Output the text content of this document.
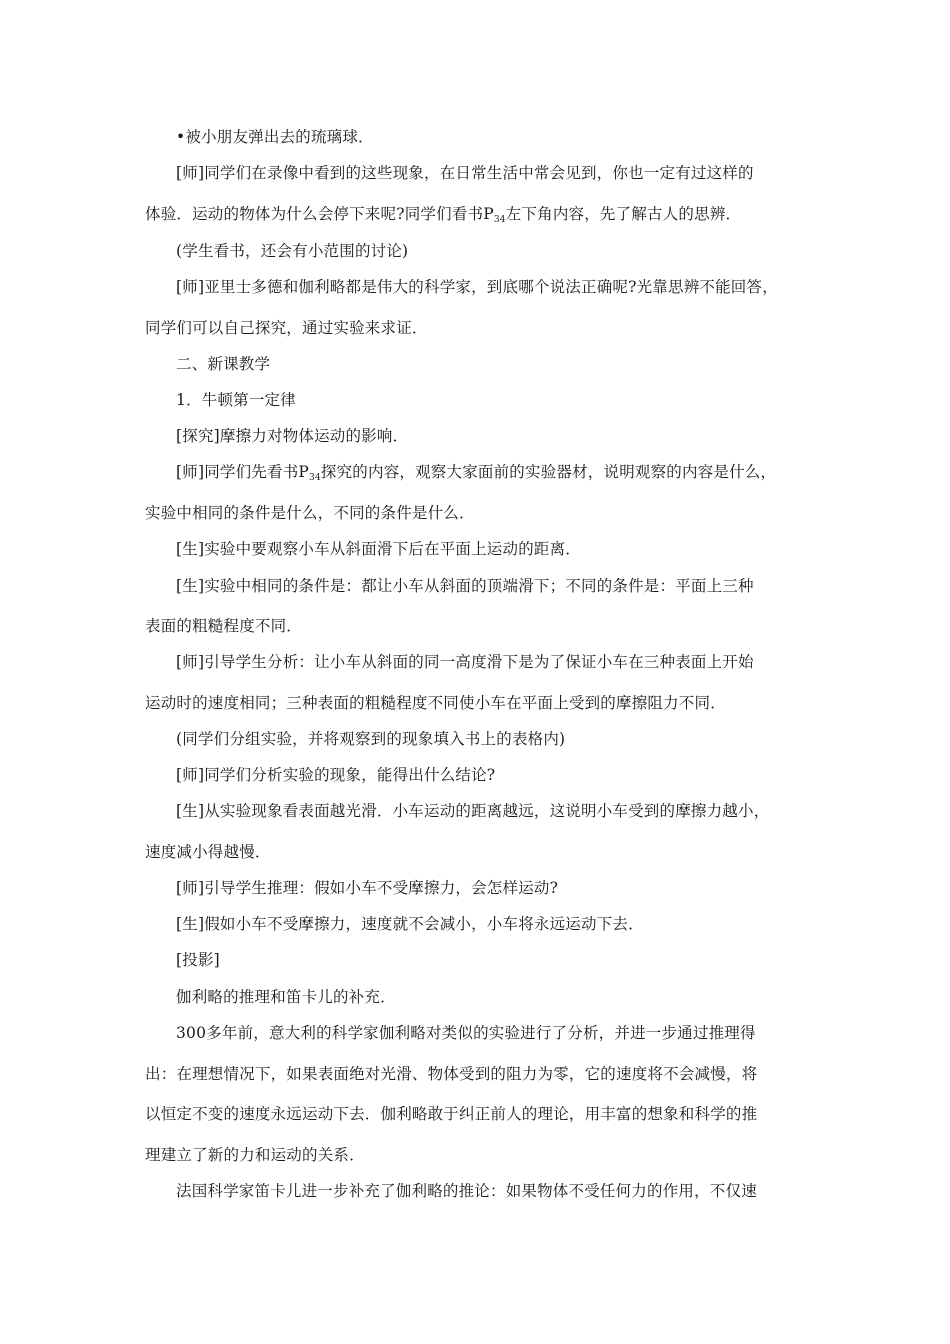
•被小朋友弹出去的琉璃球．
[师]同学们在录像中看到的这些现象，在日常生活中常会见到，你也一定有过这样的
体验．运动的物体为什么会停下来呢?同学们看书$P_{34}$左下角内容，先了解古人的思辨．
(学生看书，还会有小范围的讨论)
[师]亚里士多德和伽利略都是伟大的科学家，到底哪个说法正确呢?光靠思辨不能回答，
同学们可以自己探究，通过实验来求证．
二、新课教学
1．牛顿第一定律
[探究]摩擦力对物体运动的影响．
[师]同学们先看书$P_{34}$探究的内容，观察大家面前的实验器材，说明观察的内容是什么，
实验中相同的条件是什么，不同的条件是什么．
[生]实验中要观察小车从斜面滑下后在平面上运动的距离．
[生]实验中相同的条件是：都让小车从斜面的顶端滑下；不同的条件是：平面上三种
表面的粗糙程度不同．
[师]引导学生分析：让小车从斜面的同一高度滑下是为了保证小车在三种表面上开始
运动时的速度相同；三种表面的粗糙程度不同使小车在平面上受到的摩擦阻力不同．
(同学们分组实验，并将观察到的现象填入书上的表格内)
[师]同学们分析实验的现象，能得出什么结论?
[生]从实验现象看表面越光滑．小车运动的距离越远，这说明小车受到的摩擦力越小，
速度减小得越慢．
[师]引导学生推理：假如小车不受摩擦力，会怎样运动?
[生]假如小车不受摩擦力，速度就不会减小，小车将永远运动下去．
[投影]
伽利略的推理和笛卡儿的补充．
300多年前，意大利的科学家伽利略对类似的实验进行了分析，并进一步通过推理得
出：在理想情况下，如果表面绝对光滑、物体受到的阻力为零，它的速度将不会减慢，将
以恒定不变的速度永远运动下去．伽利略敢于纠正前人的理论，用丰富的想象和科学的推
理建立了新的力和运动的关系．
法国科学家笛卡儿进一步补充了伽利略的推论：如果物体不受任何力的作用，不仅速
